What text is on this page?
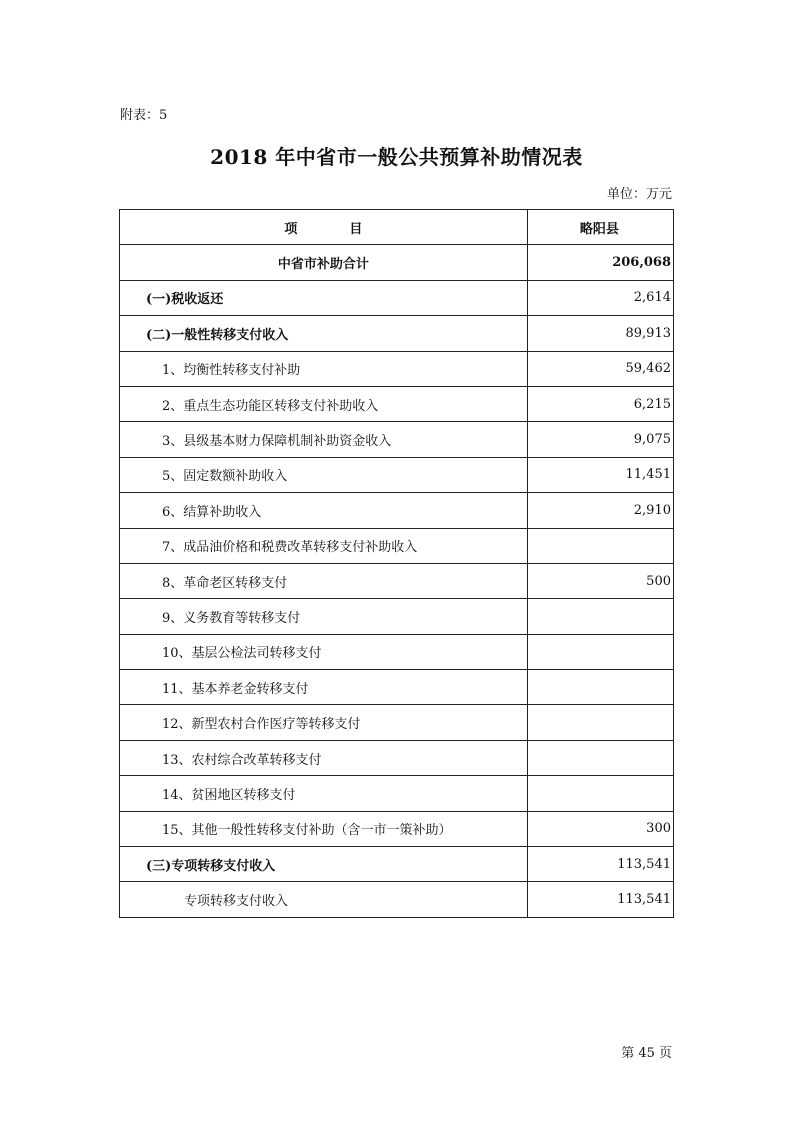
附表：5
2018 年中省市一般公共预算补助情况表
单位：万元
项　　　　目	略阳县
中省市补助合计	206,068
(一)税收返还	2,614
(二)一般性转移支付收入	89,913
1、均衡性转移支付补助	59,462
2、重点生态功能区转移支付补助收入	6,215
3、县级基本财力保障机制补助资金收入	9,075
5、固定数额补助收入	11,451
6、结算补助收入	2,910
7、成品油价格和税费改革转移支付补助收入	
8、革命老区转移支付	500
9、义务教育等转移支付	
10、基层公检法司转移支付	
11、基本养老金转移支付	
12、新型农村合作医疗等转移支付	
13、农村综合改革转移支付	
14、贫困地区转移支付	
15、其他一般性转移支付补助（含一市一策补助）	300
(三)专项转移支付收入	113,541
专项转移支付收入	113,541
第 45 页
